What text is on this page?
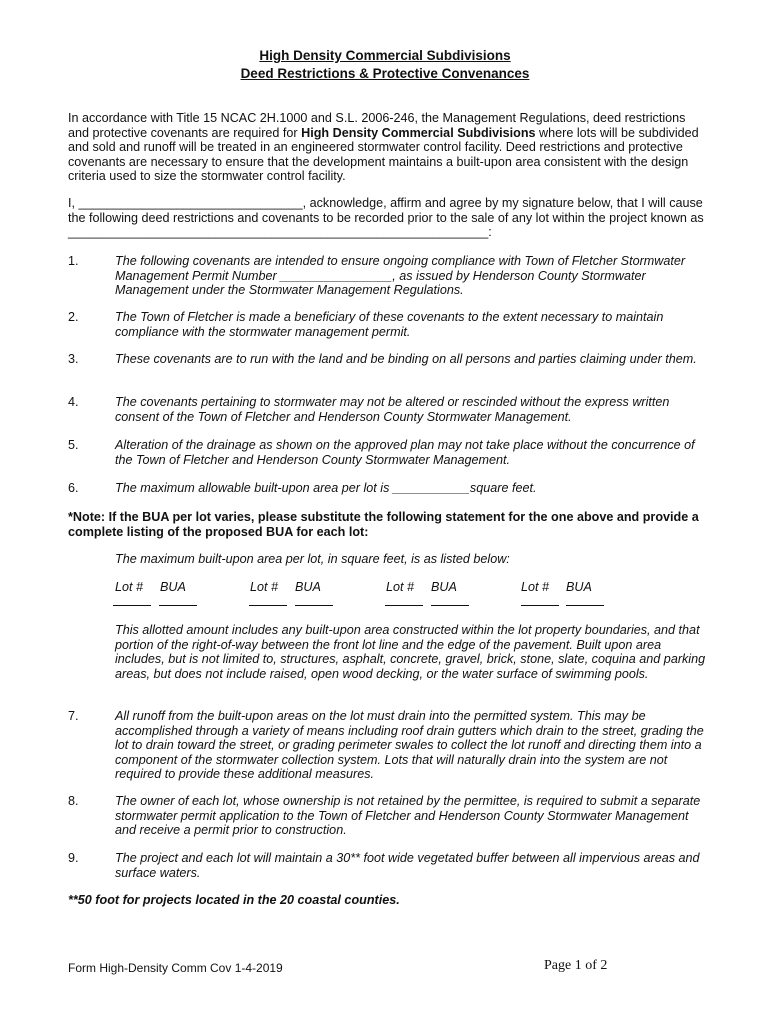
High Density Commercial Subdivisions
Deed Restrictions & Protective Convenances
In accordance with Title 15 NCAC 2H.1000 and S.L. 2006-246, the Management Regulations, deed restrictions and protective covenants are required for High Density Commercial Subdivisions where lots will be subdivided and sold and runoff will be treated in an engineered stormwater control facility. Deed restrictions and protective covenants are necessary to ensure that the development maintains a built-upon area consistent with the design criteria used to size the stormwater control facility.
I, ________________________________, acknowledge, affirm and agree by my signature below, that I will cause the following deed restrictions and covenants to be recorded prior to the sale of any lot within the project known as ____________________________________________________________:
1.	The following covenants are intended to ensure ongoing compliance with Town of Fletcher Stormwater Management Permit Number ________________, as issued by Henderson County Stormwater Management under the Stormwater Management Regulations.
2.	The Town of Fletcher is made a beneficiary of these covenants to the extent necessary to maintain compliance with the stormwater management permit.
3.	These covenants are to run with the land and be binding on all persons and parties claiming under them.
4.	The covenants pertaining to stormwater may not be altered or rescinded without the express written consent of the Town of Fletcher and Henderson County Stormwater Management.
5.	Alteration of the drainage as shown on the approved plan may not take place without the concurrence of the Town of Fletcher and Henderson County Stormwater Management.
6.	The maximum allowable built-upon area per lot is ___________square feet.
*Note: If the BUA per lot varies, please substitute the following statement for the one above and provide a complete listing of the proposed BUA for each lot:
The maximum built-upon area per lot, in square feet, is as listed below:
Lot # BUA	Lot # BUA	Lot # BUA	Lot # BUA
This allotted amount includes any built-upon area constructed within the lot property boundaries, and that portion of the right-of-way between the front lot line and the edge of the pavement. Built upon area includes, but is not limited to, structures, asphalt, concrete, gravel, brick, stone, slate, coquina and parking areas, but does not include raised, open wood decking, or the water surface of swimming pools.
7.	All runoff from the built-upon areas on the lot must drain into the permitted system. This may be accomplished through a variety of means including roof drain gutters which drain to the street, grading the lot to drain toward the street, or grading perimeter swales to collect the lot runoff and directing them into a component of the stormwater collection system. Lots that will naturally drain into the system are not required to provide these additional measures.
8.	The owner of each lot, whose ownership is not retained by the permittee, is required to submit a separate stormwater permit application to the Town of Fletcher and Henderson County Stormwater Management and receive a permit prior to construction.
9.	The project and each lot will maintain a 30** foot wide vegetated buffer between all impervious areas and surface waters.
**50 foot for projects located in the 20 coastal counties.
Form High-Density Comm Cov 1-4-2019	Page 1 of 2
